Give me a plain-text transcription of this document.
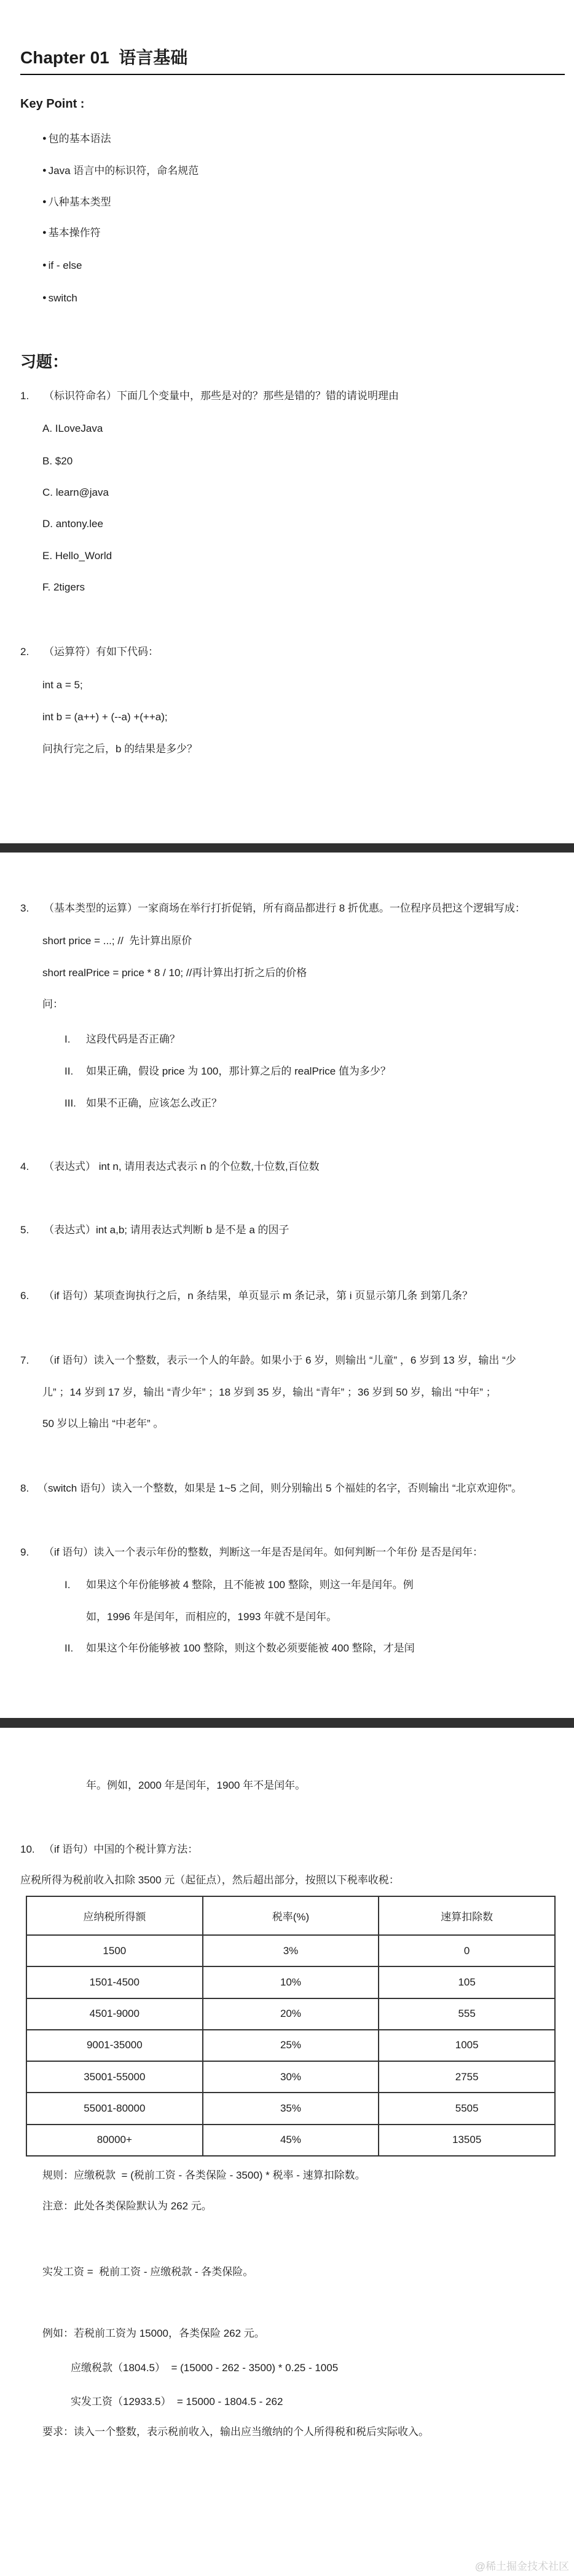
Chapter 01  语言基础
Key Point :
● 包的基本语法
● Java 语言中的标识符，命名规范
● 八种基本类型
● 基本操作符
● if - else
● switch
习题：
1. （标识符命名）下面几个变量中，那些是对的？那些是错的？错的请说明理由
A. ILoveJava
B. $20
C. learn@java
D. antony.lee
E. Hello_World
F. 2tigers
2. （运算符）有如下代码：
int a = 5;
int b = (a++) + (--a) +(++a);
问执行完之后，b 的结果是多少？
3. （基本类型的运算）一家商场在举行打折促销，所有商品都进行 8 折优惠。一位程序员把这个逻辑写成：
short price = ...; //  先计算出原价
short realPrice = price * 8 / 10; //再计算出打折之后的价格
问：
I. 这段代码是否正确？
II. 如果正确，假设 price 为 100，那计算之后的 realPrice 值为多少？
III. 如果不正确，应该怎么改正？
4. （表达式） int n, 请用表达式表示 n 的个位数,十位数,百位数
5. （表达式）int a,b; 请用表达式判断 b 是不是 a 的因子
6. （if 语句）某项查询执行之后，n 条结果，单页显示 m 条记录，第 i 页显示第几条 到第几条？
7. （if 语句）读入一个整数，表示一个人的年龄。如果小于 6 岁，则输出 “儿童” ，6 岁到 13 岁，输出 “少
儿” ；14 岁到 17 岁，输出 “青少年” ；18 岁到 35 岁，输出 “青年” ；36 岁到 50 岁，输出 “中年” ；
50 岁以上输出 “中老年” 。
8. （switch 语句）读入一个整数，如果是 1~5 之间，则分别输出 5 个福娃的名字，否则输出 “北京欢迎你”。
9. （if 语句）读入一个表示年份的整数，判断这一年是否是闰年。如何判断一个年份 是否是闰年：
I. 如果这个年份能够被 4 整除，且不能被 100 整除，则这一年是闰年。例
如，1996 年是闰年，而相应的，1993 年就不是闰年。
II. 如果这个年份能够被 100 整除，则这个数必须要能被 400 整除，才是闰
年。例如，2000 年是闰年，1900 年不是闰年。
10. （if 语句）中国的个税计算方法：
应税所得为税前收入扣除 3500 元（起征点），然后超出部分，按照以下税率收税：
应纳税所得额	税率(%)	速算扣除数
1500	3%	0
1501-4500	10%	105
4501-9000	20%	555
9001-35000	25%	1005
35001-55000	30%	2755
55001-80000	35%	5505
80000+	45%	13505
规则：应缴税款  = (税前工资 - 各类保险 - 3500) * 税率 - 速算扣除数。
注意：此处各类保险默认为 262 元。
实发工资 =  税前工资 - 应缴税款 - 各类保险。
例如：若税前工资为 15000，各类保险 262 元。
应缴税款（1804.5）  = (15000 - 262 - 3500) * 0.25 - 1005
实发工资（12933.5）  = 15000 - 1804.5 - 262
要求：读入一个整数，表示税前收入，输出应当缴纳的个人所得税和税后实际收入。
@稀土掘金技术社区
